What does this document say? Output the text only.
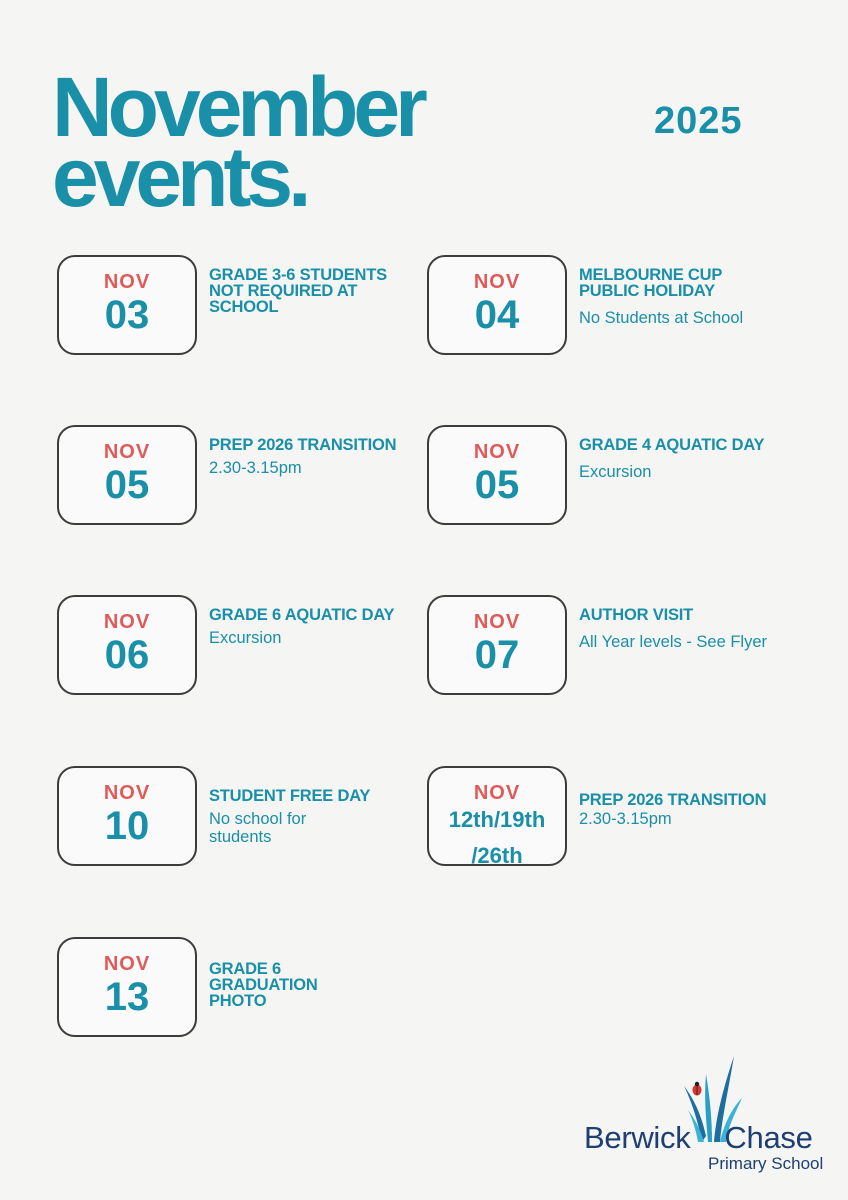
November
events.
2025
NOV
03
GRADE 3-6 STUDENTS NOT REQUIRED AT SCHOOL
NOV
04
MELBOURNE CUP PUBLIC HOLIDAY
No Students at School
NOV
05
PREP 2026 TRANSITION
2.30-3.15pm
NOV
05
GRADE 4 AQUATIC DAY
Excursion
NOV
06
GRADE 6 AQUATIC DAY
Excursion
NOV
07
AUTHOR VISIT
All Year levels - See Flyer
NOV
10
STUDENT FREE DAY
No school for students
NOV
12th/19th
/26th
PREP 2026 TRANSITION
2.30-3.15pm
NOV
13
GRADE 6 GRADUATION PHOTO
Berwick Chase
Primary School
